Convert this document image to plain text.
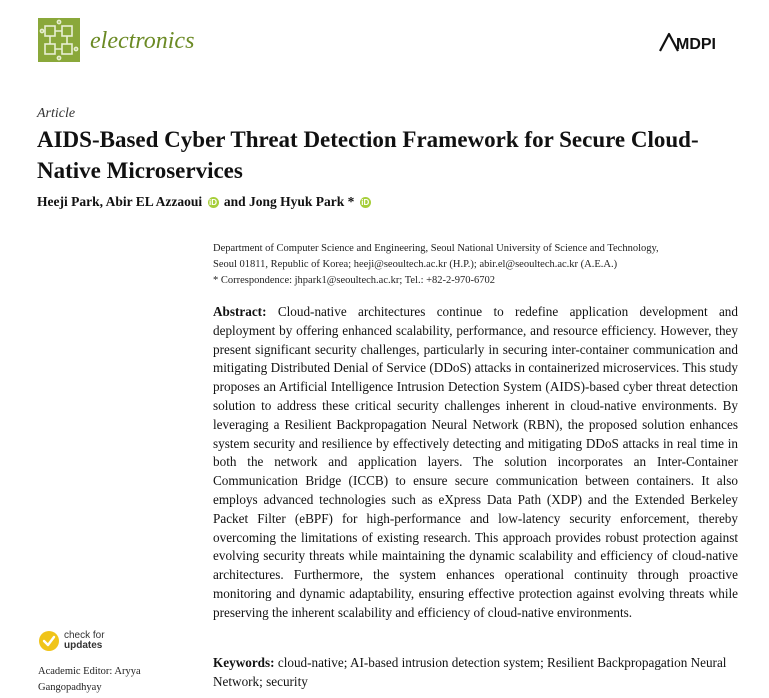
electronics	MDPI
Article
AIDS-Based Cyber Threat Detection Framework for Secure Cloud-Native Microservices
Heeji Park, Abir EL Azzaoui iD and Jong Hyuk Park * iD
Department of Computer Science and Engineering, Seoul National University of Science and Technology,
Seoul 01811, Republic of Korea; heeji@seoultech.ac.kr (H.P.); abir.el@seoultech.ac.kr (A.E.A.)
* Correspondence: jhpark1@seoultech.ac.kr; Tel.: +82-2-970-6702
Abstract: Cloud-native architectures continue to redefine application development and deployment by offering enhanced scalability, performance, and resource efficiency. However, they present significant security challenges, particularly in securing inter-container communication and mitigating Distributed Denial of Service (DDoS) attacks in containerized microservices. This study proposes an Artificial Intelligence Intrusion Detection System (AIDS)-based cyber threat detection solution to address these critical security challenges inherent in cloud-native environments. By leveraging a Resilient Backpropagation Neural Network (RBN), the proposed solution enhances system security and resilience by effectively detecting and mitigating DDoS attacks in real time in both the network and application layers. The solution incorporates an Inter-Container Communication Bridge (ICCB) to ensure secure communication between containers. It also employs advanced technologies such as eXpress Data Path (XDP) and the Extended Berkeley Packet Filter (eBPF) for high-performance and low-latency security enforcement, thereby overcoming the limitations of existing research. This approach provides robust protection against evolving security threats while maintaining the dynamic scalability and efficiency of cloud-native architectures. Furthermore, the system enhances operational continuity through proactive monitoring and dynamic adaptability, ensuring effective protection against evolving threats while preserving the inherent scalability and efficiency of cloud-native environments.
Keywords: cloud-native; AI-based intrusion detection system; Resilient Backpropagation Neural Network; security
check for
updates
Academic Editor: Aryya Gangopadhyay
